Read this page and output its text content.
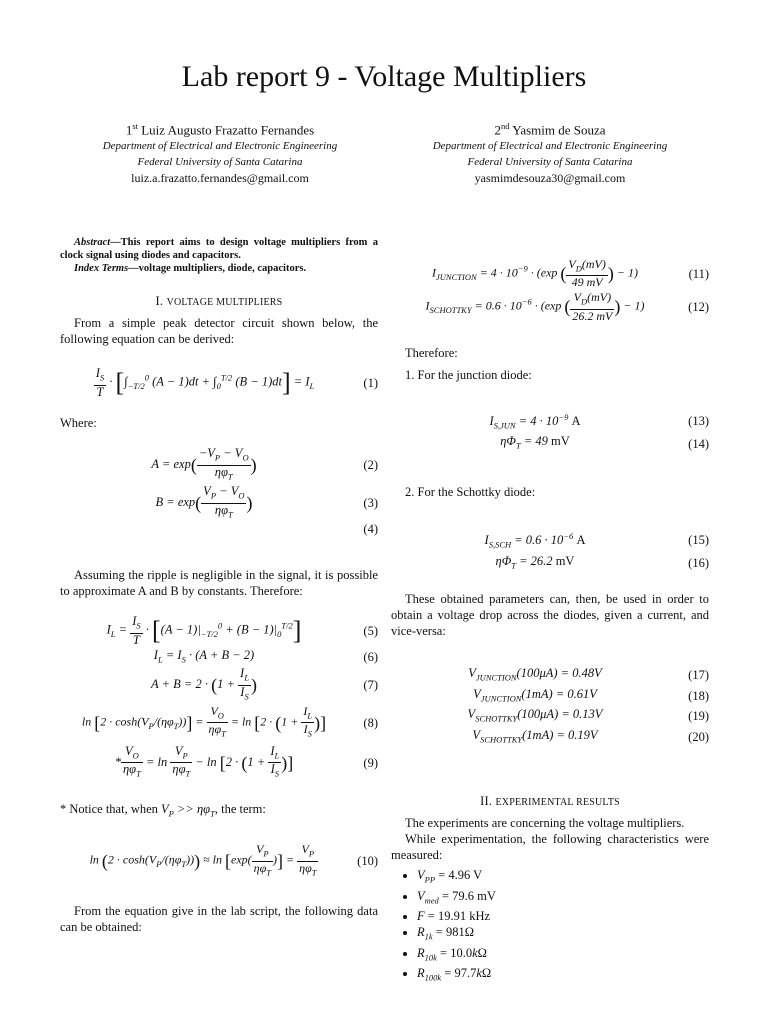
Lab report 9 - Voltage Multipliers
1st Luiz Augusto Frazatto Fernandes
Department of Electrical and Electronic Engineering
Federal University of Santa Catarina
luiz.a.frazatto.fernandes@gmail.com
2nd Yasmim de Souza
Department of Electrical and Electronic Engineering
Federal University of Santa Catarina
yasmimdesouza30@gmail.com

Abstract—This report aims to design voltage multipliers from a clock signal using diodes and capacitors.

Index Terms—voltage multipliers, diode, capacitors.

I. VOLTAGE MULTIPLIERS

From a simple peak detector circuit shown below, the following equation can be derived:

$\frac{I_S}{T} \cdot [\int_{-T/2}^0$ $(A - 1)dt + \int_0^{T/2}$ $(B - 1)dt] = I_L$	(1)

Where:

$A = \exp( \frac{-V_P - V_O}{\eta\varphi_T}$ )	(2)
$B = \exp( \frac{V_P - V_O}{\eta\varphi_T}$ )	(3)
(4)

Assuming the ripple is negligible in the signal, it is possible to approximate A and B by constants. Therefore:

$I_L = \frac{I_S}{T} \cdot [(A - 1)|_{-T/2}^0 + (B - 1)|_0^{T/2}]$	(5)
$I_L = I_S \cdot (A + B - 2)$	(6)
$A + B = 2 \cdot (1 + \frac{I_L}{I_S}$ )	(7)
$\ln [2 \cdot \cosh(V_P/(\eta\varphi_T))] = \frac{V_O}{\eta\varphi_T} = \ln [2 \cdot (1 + \frac{I_L}{I_S}$ )]	(8)
* $\frac{V_O}{\eta\varphi_T} = \ln \frac{V_P}{\eta\varphi_T} - \ln [2 \cdot (1 + \frac{I_L}{I_S}$ )]	(9)

* Notice that, when $V_P >> \eta\varphi_T$, the term:

$\ln (2 \cdot \cosh(V_P/(\eta\varphi_T))) \approx \ln [\exp( \frac{V_P}{\eta\varphi_T}$ )] = $\frac{V_P}{\eta\varphi_T}$	(10)

From the equation give in the lab script, the following data can be obtained:

$I_{JUNCTION} = 4 \cdot 10^{-9} \cdot (\exp$ ( $\frac{V_D(mV)}{49 mV}$ ) − 1)	(11)
$I_{SCHOTTKY} = 0.6 \cdot 10^{-6} \cdot (\exp$ ( $\frac{V_D(mV)}{26.2 mV}$ ) − 1)	(12)

Therefore:

1. For the junction diode:

$I_{S,JUN} = 4 \cdot 10^{-9}$ A	(13)
$\eta\Phi_T = 49$ mV	(14)

2. For the Schottky diode:

$I_{S,SCH} = 0.6 \cdot 10^{-6}$ A	(15)
$\eta\Phi_T = 26.2$ mV	(16)

These obtained parameters can, then, be used in order to obtain a voltage drop across the diodes, given a current, and vice-versa:

$V_{JUNCTION}(100\mu A) = 0.48V$	(17)
$V_{JUNCTION}(1mA) = 0.61V$	(18)
$V_{SCHOTTKY}(100\mu A) = 0.13V$	(19)
$V_{SCHOTTKY}(1mA) = 0.19V$	(20)
II. EXPERIMENTAL RESULTS

The experiments are concerning the voltage multipliers.

While experimentation, the following characteristics were measured:

• $V_{PP} = 4.96$ V
• $V_{med} = 79.6$ mV
• F = 19.91 kHz
• $R_{1k} = 981\Omega$
• $R_{10k} = 10.0k\Omega$
• $R_{100k} = 97.7k\Omega$
